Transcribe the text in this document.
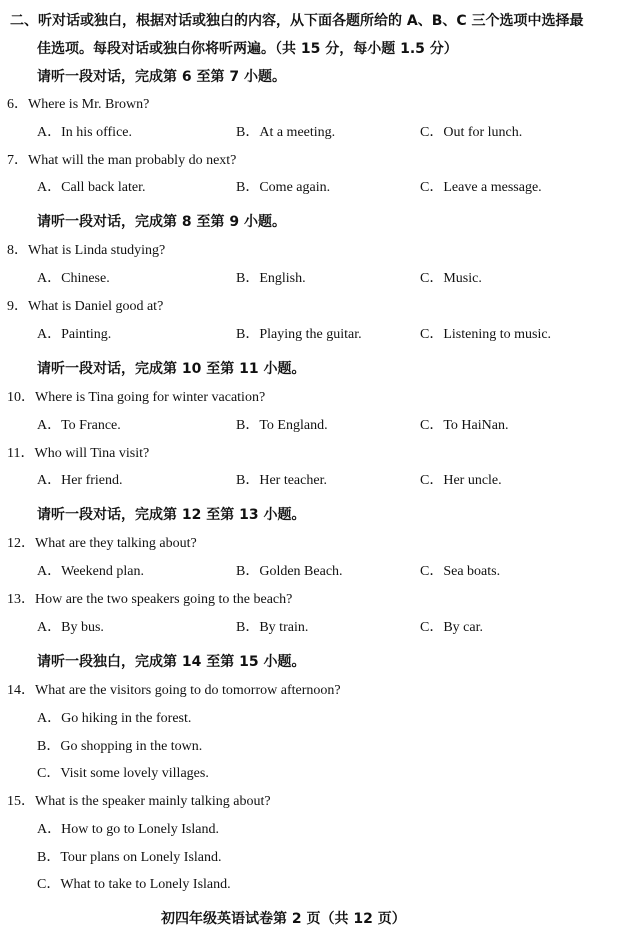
二、听对话或独白，根据对话或独白的内容，从下面各题所给的 A、B、C 三个选项中选择最
佳选项。每段对话或独白你将听两遍。（共 15 分，每小题 1.5 分）
请听一段对话，完成第 6 至第 7 小题。
6．Where is Mr. Brown?
A．In his office.	B．At a meeting.	C．Out for lunch.
7．What will the man probably do next?
A．Call back later.	B．Come again.	C．Leave a message.
请听一段对话，完成第 8 至第 9 小题。
8．What is Linda studying?
A．Chinese.	B．English.	C．Music.
9．What is Daniel good at?
A．Painting.	B．Playing the guitar.	C．Listening to music.
请听一段对话，完成第 10 至第 11 小题。
10．Where is Tina going for winter vacation?
A．To France.	B．To England.	C．To HaiNan.
11．Who will Tina visit?
A．Her friend.	B．Her teacher.	C．Her uncle.
请听一段对话，完成第 12 至第 13 小题。
12．What are they talking about?
A．Weekend plan.	B．Golden Beach.	C．Sea boats.
13．How are the two speakers going to the beach?
A．By bus.	B．By train.	C．By car.
请听一段独白，完成第 14 至第 15 小题。
14．What are the visitors going to do tomorrow afternoon?
A．Go hiking in the forest.
B．Go shopping in the town.
C．Visit some lovely villages.
15．What is the speaker mainly talking about?
A．How to go to Lonely Island.
B．Tour plans on Lonely Island.
C．What to take to Lonely Island.
初四年级英语试卷第 2 页（共 12 页）
